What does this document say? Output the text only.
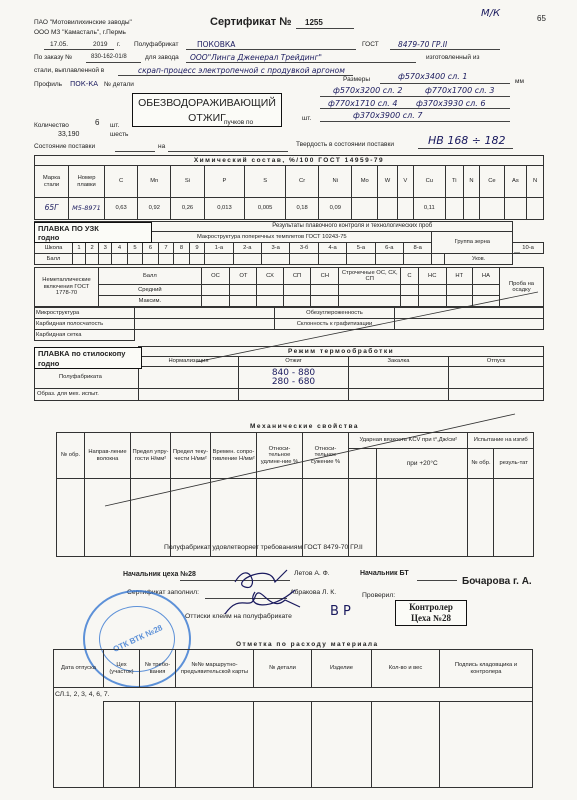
М/К	65
ПАО "Мотовилихинские заводы"
ООО МЗ "Камасталь", г.Пермь
Сертификат № 1255
17.05.	2019 г. Полуфабрикат ПОКОВКА	ГОСТ	8479-70 ГР.II
По заказу №	830-162-01/8	для завода ООО"Линга Дженерал Трейдинг"	изготовленный из
стали, выплавленной в	скрап-процесс электропечной с продувкой аргоном
Профиль ПОК-КА № детали
Размеры	мм
ф570х3400 сл. 1
ф570х3200 сл. 2	ф770х1700 сл. 3
ф770х1710 сл. 4 ф370х3930 сл. 6
ф370х3900 сл. 7
ОБЕЗВОДОРАЖИВАЮЩИЙ
ОТЖИГ
Количество	6 шт.	пучков по
шт.
33,190	шесть
Состояние поставки	на	Твердость в состоянии поставки	НВ 168 ÷ 182
Химический состав, %/100 ГОСТ 14959-79																	
Марка стали	Номер плавки	C	Mn	Si	P	S	Cr	Ni	Mo	W	V	Cu	Ti	N	Ce	As	N
65Г	М5-8971	0,63	0,92	0,26	0,013	0,005	0,18	0,09				0,11					
Результаты плавочного контроля и технологических проб																				
				Макроструктура поперечных темплетов ГОСТ 10243-75														Группа зерна		
Школа	1	2	3	4	5	6	7	8	9	1-а	2-а	3-а	3-б	4-а	5-а	6-а	8-а			10-а
Балл																			Уков.	
Неметаллические включения ГОСТ 1778-70	Балл	ОС	ОТ	СХ	СП	СН	Строчечные ОС, СХ, СП	С	НС	НТ	НА	Проба на осадку
	Средний											
	Максим.											
Микроструктура		Обезуглероженность	
Карбидная полосчатость		Склонность к графитизации	
Карбидная сетка			
ПЛАВКА ПО УЗК
годно
—
	Режим термообработки			
	Нормализация	Отжиг	Закалка	Отпуск
Полуфабриката		840 - 880
280 - 680		

Образ. для мех. испыт.				
ПЛАВКА по стилоскопу
годно
Механические свойства
№ обр.	Направ-ление волокна	Предел упру-гости Н/мм²	Предел теку-чести Н/мм²	Времен. сопро-тивление Н/мм²	Относи-тельное удлине-ние %	Относи-тельное сужение %	Ударная вязкость KCV при t°,Дж/см²		Испытание на изгиб	
								при +20°С	№ обр.	резуль-тат

Полуфабрикат удовлетворяет требованиям ГОСТ 8479-70 ГР.II
Начальник цеха №28	Летов А. Ф.	Начальник БТ
Бочарова г. А.
Сертификат заполнил:	Абракова Л. К.	Проверил:
Контролер
Цеха №28
Оттиски клейм на полуфабрикате	В Р
ОТК ВТК №28	Отметка по расходу материала
Дата отпуска	Цех (участок)	№ требо-вания	№№ маршрутно-предъявительской карты	№ детали	Изделие	Кол-во и вес	Подпись кладовщика и контролера
СЛ.1, 2, 3, 4, 6, 7.							
